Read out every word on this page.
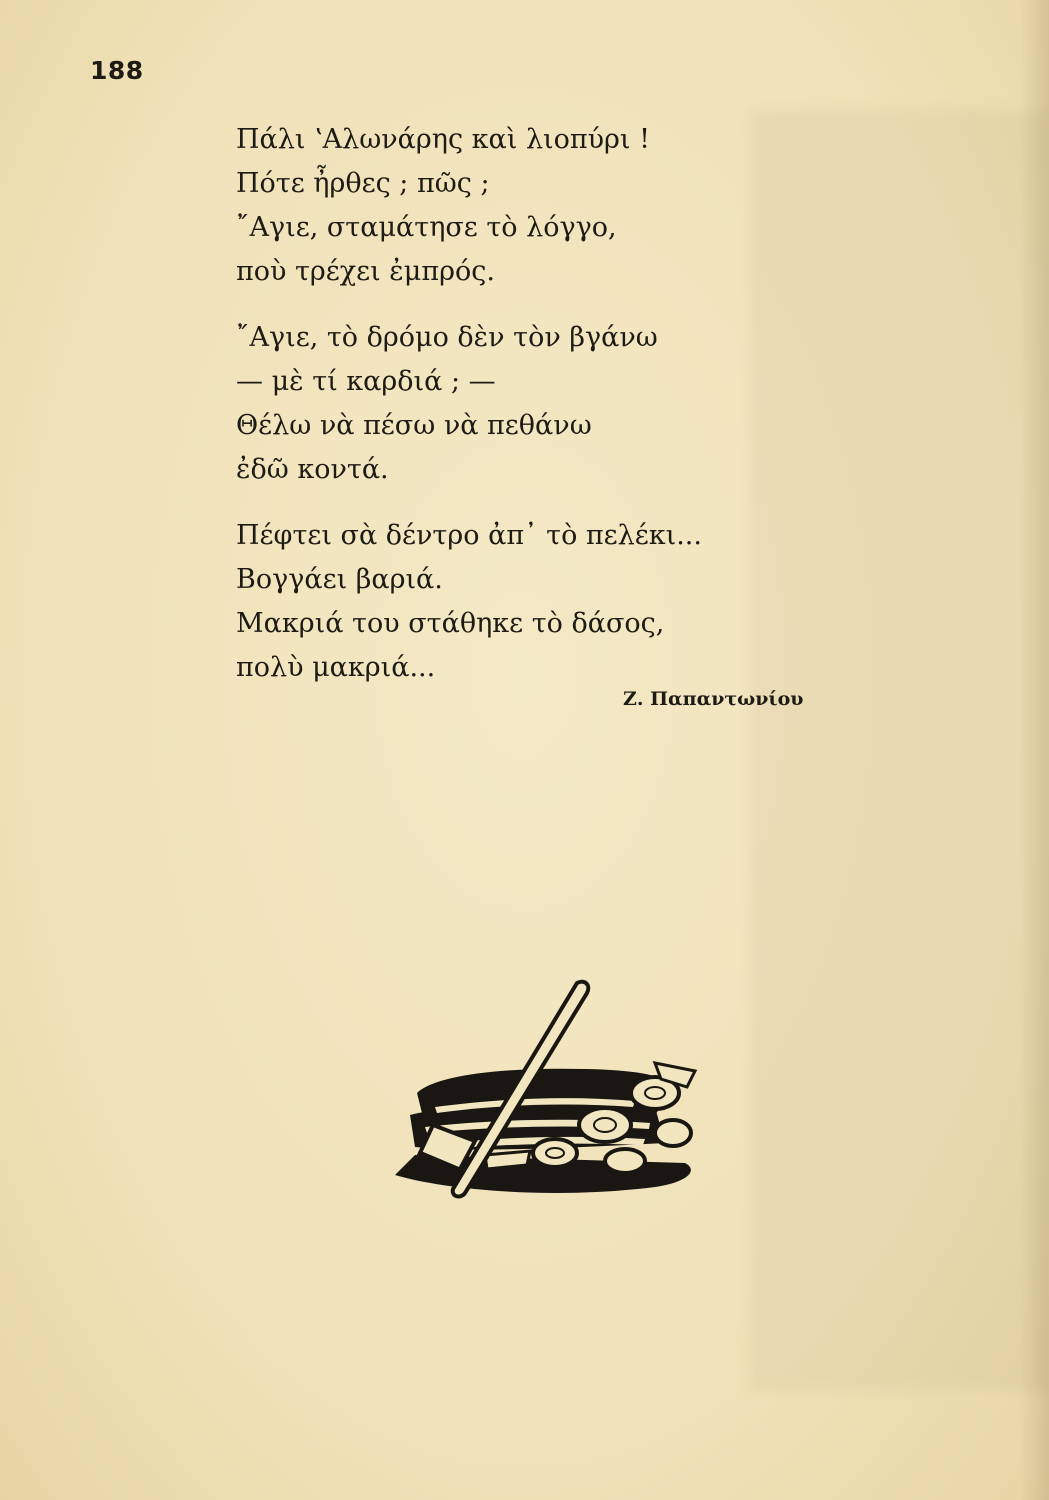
188
Πάλι ʽΑλωνάρης καὶ λιοπύρι !
Πότε ἦρθες ; πῶς ;
῎Αγιε, σταμάτησε τὸ λόγγο,
ποὺ τρέχει ἐμπρός.
῎Αγιε, τὸ δρόμο δὲν τὸν βγάνω
— μὲ τί καρδιά ; —
Θέλω νὰ πέσω νὰ πεθάνω
ἐδῶ κοντά.
Πέφτει σὰ δέντρο ἀπ᾿ τὸ πελέκι...
Βογγάει βαριά.
Μακριά του στάθηκε τὸ δάσος,
πολὺ μακριά...
Ζ. Παπαντωνίου
